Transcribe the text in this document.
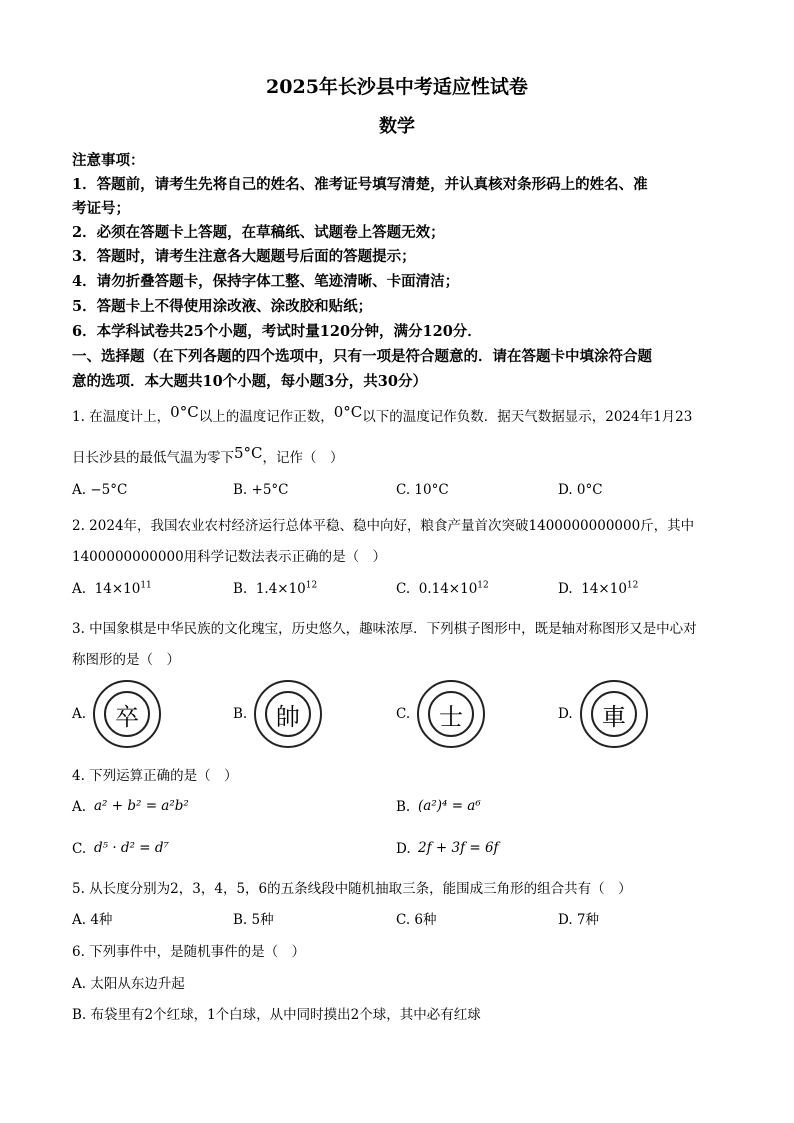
2025年长沙县中考适应性试卷
数学
注意事项：
1．答题前，请考生先将自己的姓名、准考证号填写清楚，并认真核对条形码上的姓名、准
考证号；
2．必须在答题卡上答题，在草稿纸、试题卷上答题无效；
3．答题时，请考生注意各大题题号后面的答题提示；
4．请勿折叠答题卡，保持字体工整、笔迹清晰、卡面清洁；
5．答题卡上不得使用涂改液、涂改胶和贴纸；
6．本学科试卷共25个小题，考试时量120分钟，满分120分．
一、选择题（在下列各题的四个选项中，只有一项是符合题意的．请在答题卡中填涂符合题
意的选项．本大题共10个小题，每小题3分，共30分）
1. 在温度计上，0°C以上的温度记作正数，0°C以下的温度记作负数．据天气数据显示，2024年1月23
日长沙县的最低气温为零下5°C，记作（　）
A. −5°C	B. +5°C	C. 10°C	D. 0°C
2. 2024年，我国农业农村经济运行总体平稳、稳中向好，粮食产量首次突破1400000000000斤，其中
1400000000000用科学记数法表示正确的是（　）
A. $14\times 10^{11}$	B. $1.4\times 10^{12}$	C. $0.14\times 10^{12}$	D. $14\times 10^{12}$
3. 中国象棋是中华民族的文化瑰宝，历史悠久，趣味浓厚．下列棋子图形中，既是轴对称图形又是中心对
称图形的是（　）
A.	卒	B.	帥	C.	士	D.	車
4. 下列运算正确的是（　）
A. a² + b² = a²b²	B. (a²)⁴ = a⁶
C. d⁵ · d² = d⁷	D. 2f + 3f = 6f
5. 从长度分别为2，3，4，5，6的五条线段中随机抽取三条，能围成三角形的组合共有（　）
A. 4种	B. 5种	C. 6种	D. 7种
6. 下列事件中，是随机事件的是（　）
A. 太阳从东边升起
B. 布袋里有2个红球，1个白球，从中同时摸出2个球，其中必有红球
